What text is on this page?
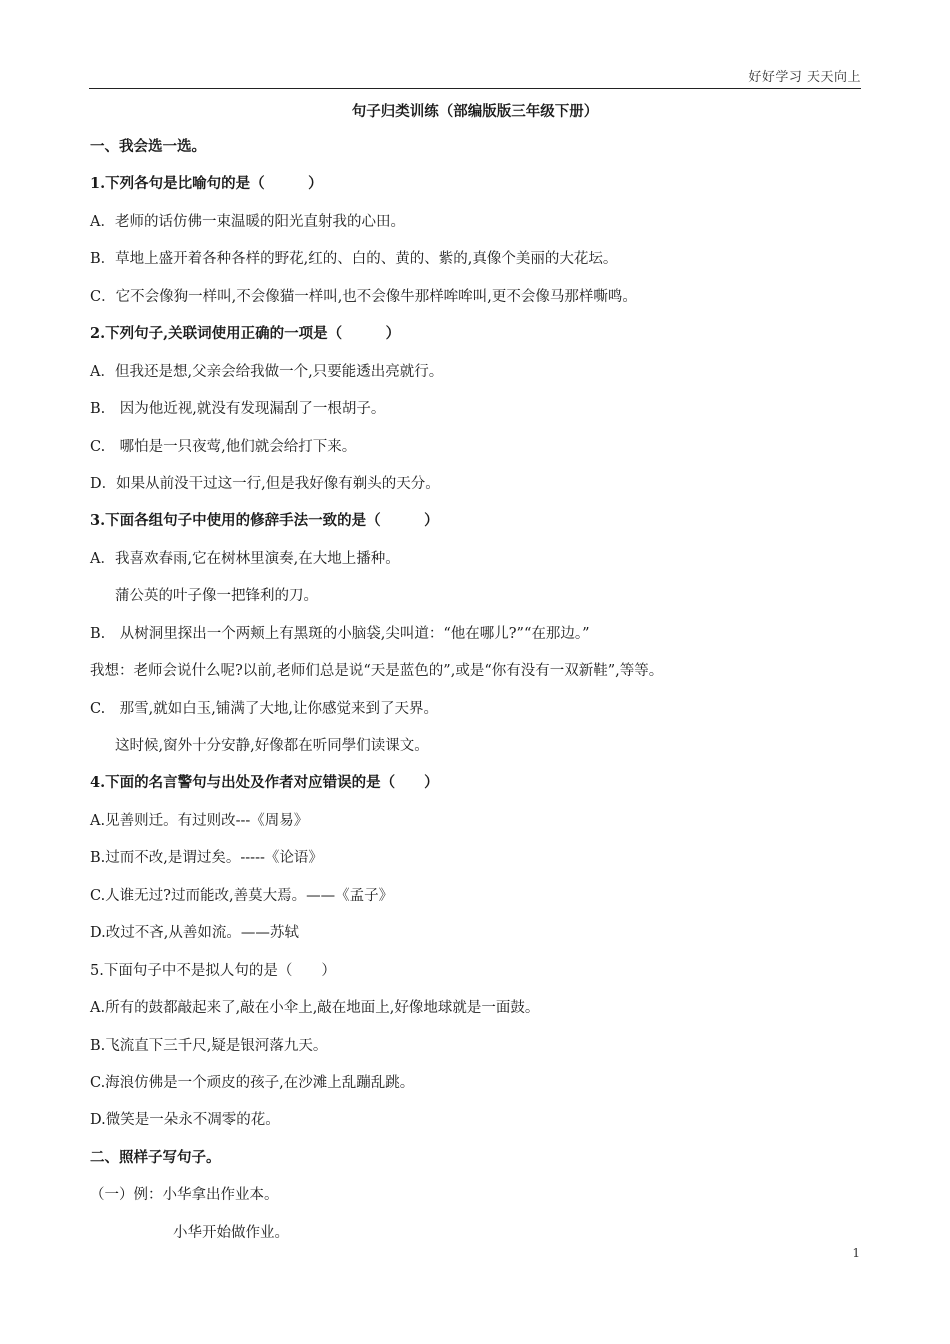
好好学习 天天向上
句子归类训练（部编版版三年级下册）
一、我会选一选。
1.下列各句是比喻句的是（　　　）
A．老师的话仿佛一束温暖的阳光直射我的心田。
B．草地上盛开着各种各样的野花,红的、白的、黄的、紫的,真像个美丽的大花坛。
C．它不会像狗一样叫,不会像猫一样叫,也不会像牛那样哞哞叫,更不会像马那样嘶鸣。
2.下列句子,关联词使用正确的一项是（　　　）
A．但我还是想,父亲会给我做一个,只要能透出亮就行。
B.　因为他近视,就没有发现漏刮了一根胡子。
C.　哪怕是一只夜莺,他们就会给打下来。
D．如果从前没干过这一行,但是我好像有剃头的天分。
3.下面各组句子中使用的修辞手法一致的是（　　　）
A．我喜欢春雨,它在树林里演奏,在大地上播种。
蒲公英的叶子像一把锋利的刀。
B.　从树洞里探出一个两颊上有黑斑的小脑袋,尖叫道：“他在哪儿?”“在那边。”
我想：老师会说什么呢?以前,老师们总是说“天是蓝色的”,或是“你有没有一双新鞋”,等等。
C.　那雪,就如白玉,铺满了大地,让你感觉来到了天界。
这时候,窗外十分安静,好像都在听同學们读课文。
4.下面的名言警句与出处及作者对应错误的是（　　）
A.见善则迁。有过则改---《周易》
B.过而不改,是谓过矣。-----《论语》
C.人谁无过?过而能改,善莫大焉。——《孟子》
D.改过不吝,从善如流。——苏轼
5.下面句子中不是拟人句的是（　　）
A.所有的鼓都敲起来了,敲在小伞上,敲在地面上,好像地球就是一面鼓。
B.飞流直下三千尺,疑是银河落九天。
C.海浪仿佛是一个顽皮的孩子,在沙滩上乱蹦乱跳。
D.微笑是一朵永不凋零的花。
二、照样子写句子。
（一）例：小华拿出作业本。
小华开始做作业。
1
